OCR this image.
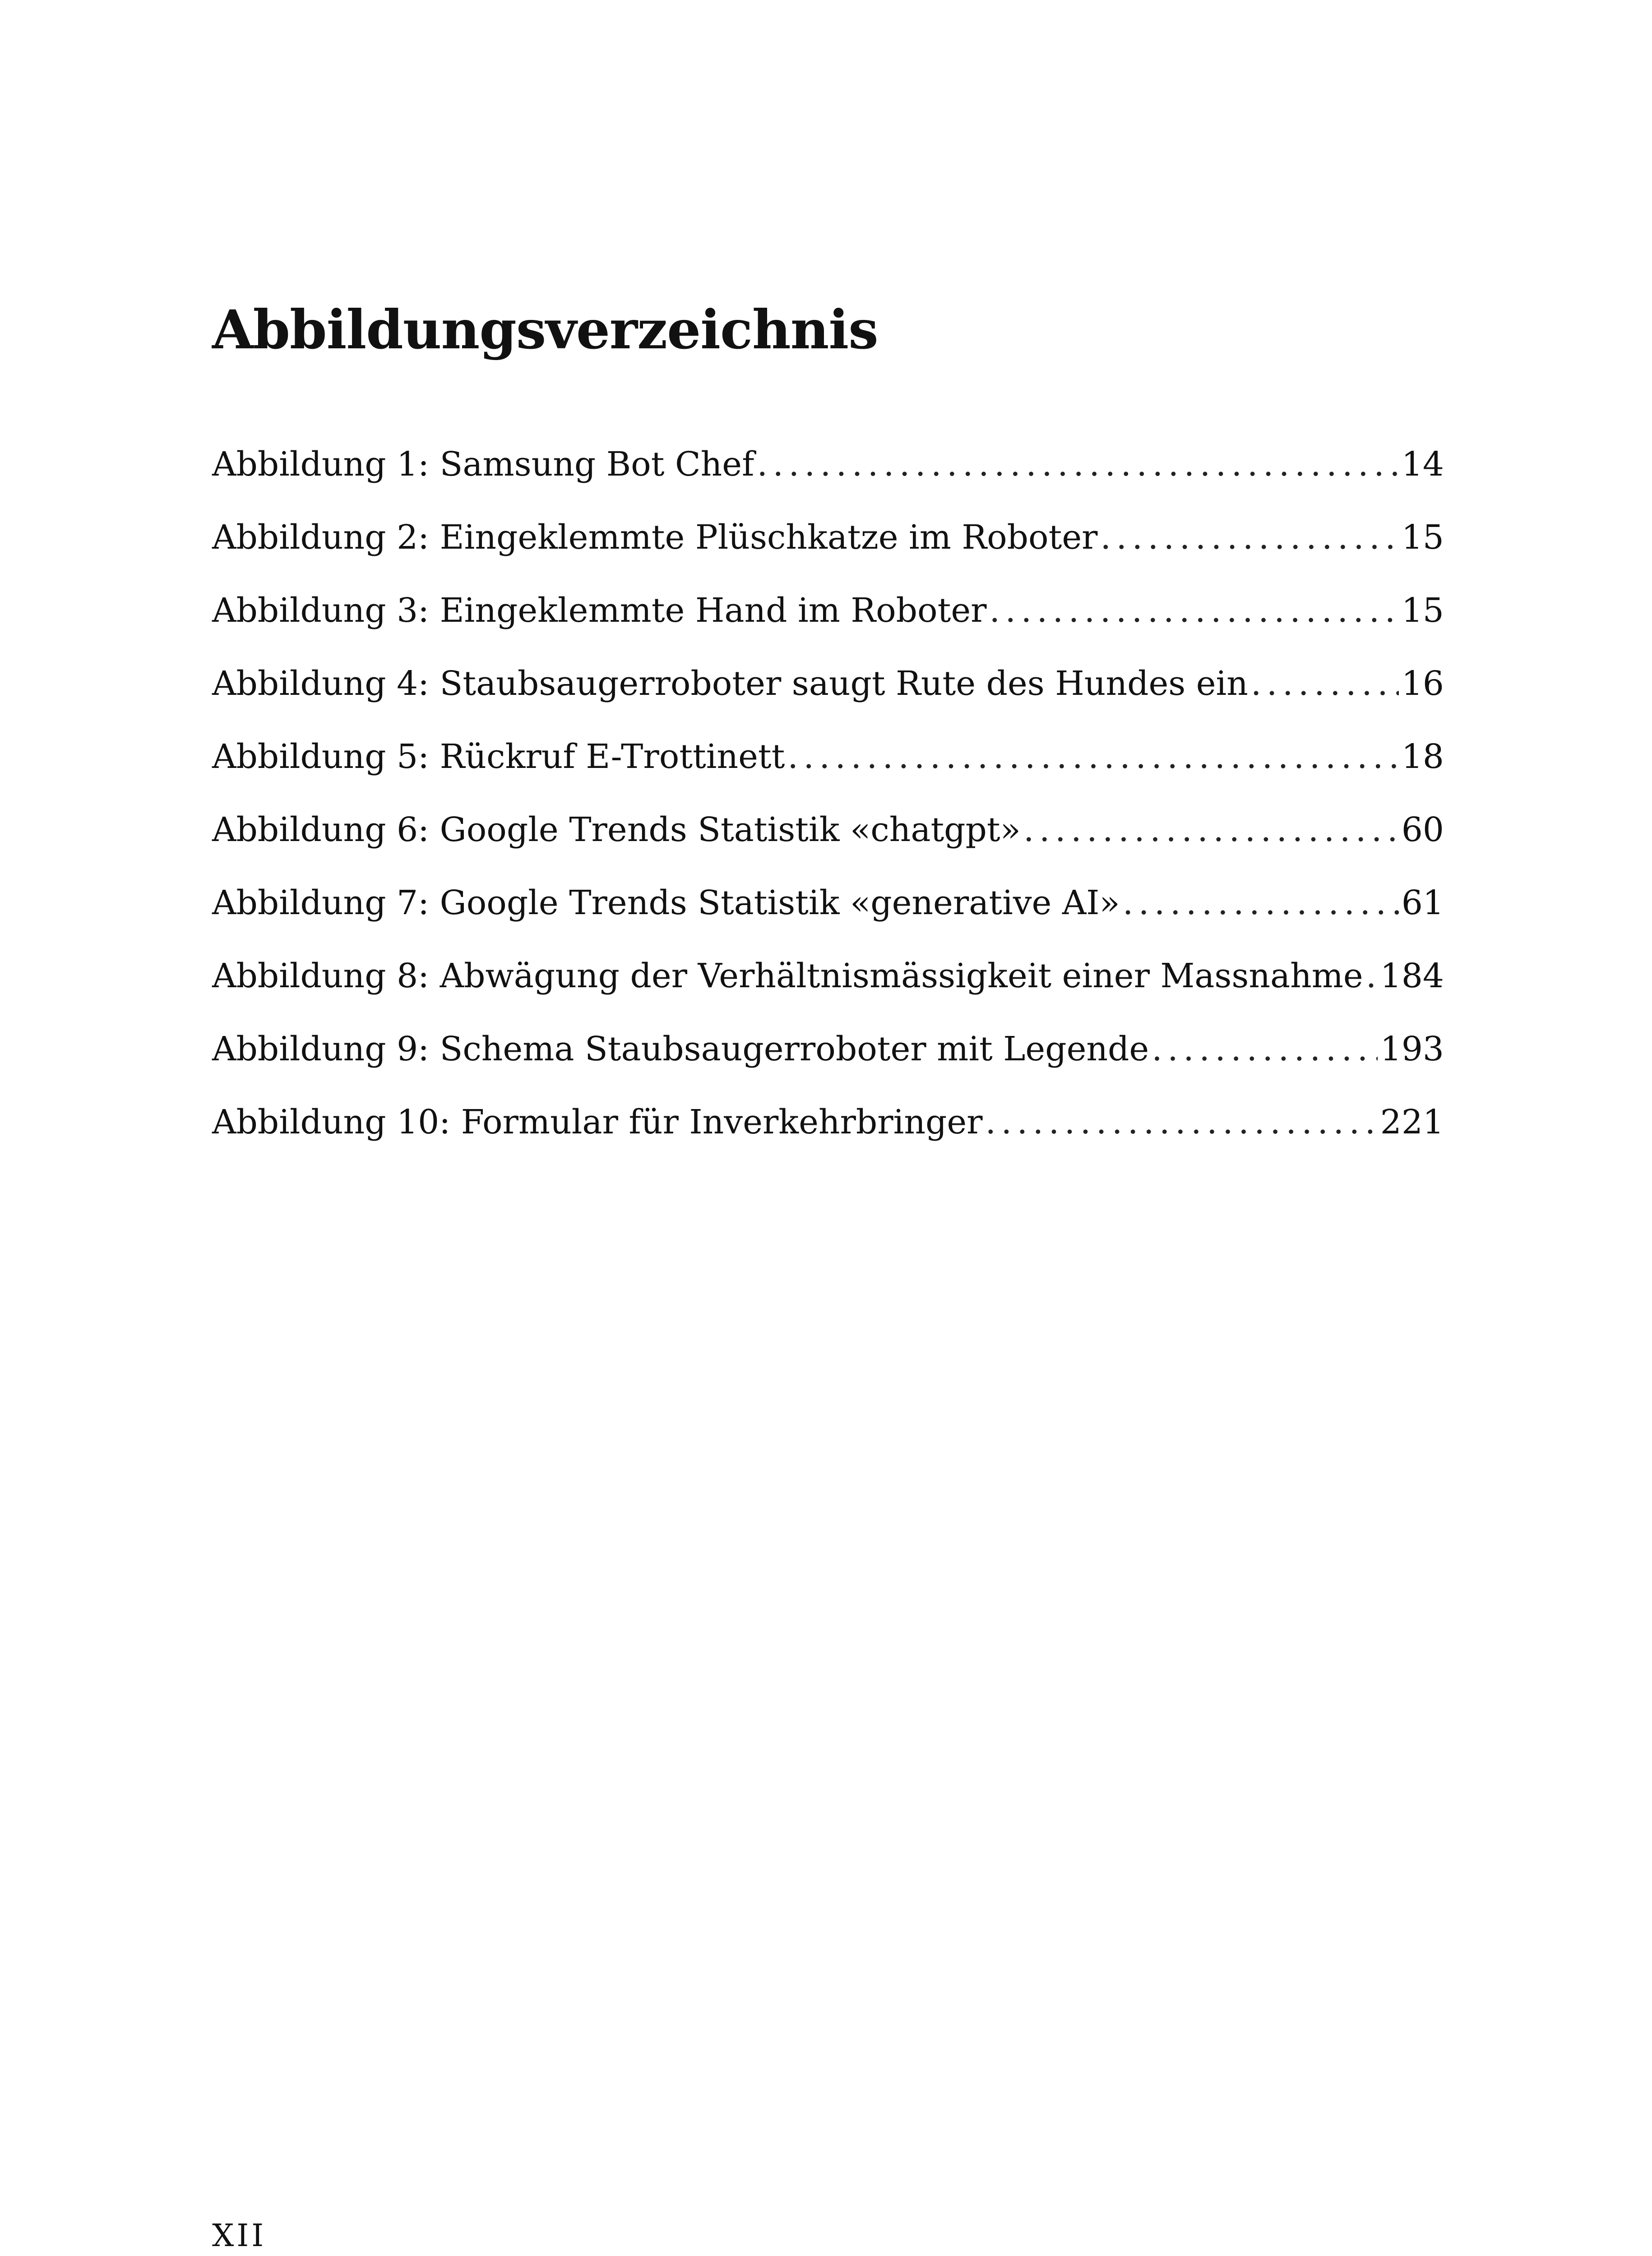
Abbildungsverzeichnis
Abbildung 1: Samsung Bot Chef . . .	14
Abbildung 2: Eingeklemmte Plüschkatze im Roboter . . .	15
Abbildung 3: Eingeklemmte Hand im Roboter . . .	15
Abbildung 4: Staubsaugerroboter saugt Rute des Hundes ein . . .	16
Abbildung 5: Rückruf E-Trottinett . . .	18
Abbildung 6: Google Trends Statistik «chatgpt» . . .	60
Abbildung 7: Google Trends Statistik «generative AI» . . .	61
Abbildung 8: Abwägung der Verhältnismässigkeit einer Massnahme . . . 184
Abbildung 9: Schema Staubsaugerroboter mit Legende . . .	193
Abbildung 10: Formular für Inverkehrbringer . . .	221
XII
